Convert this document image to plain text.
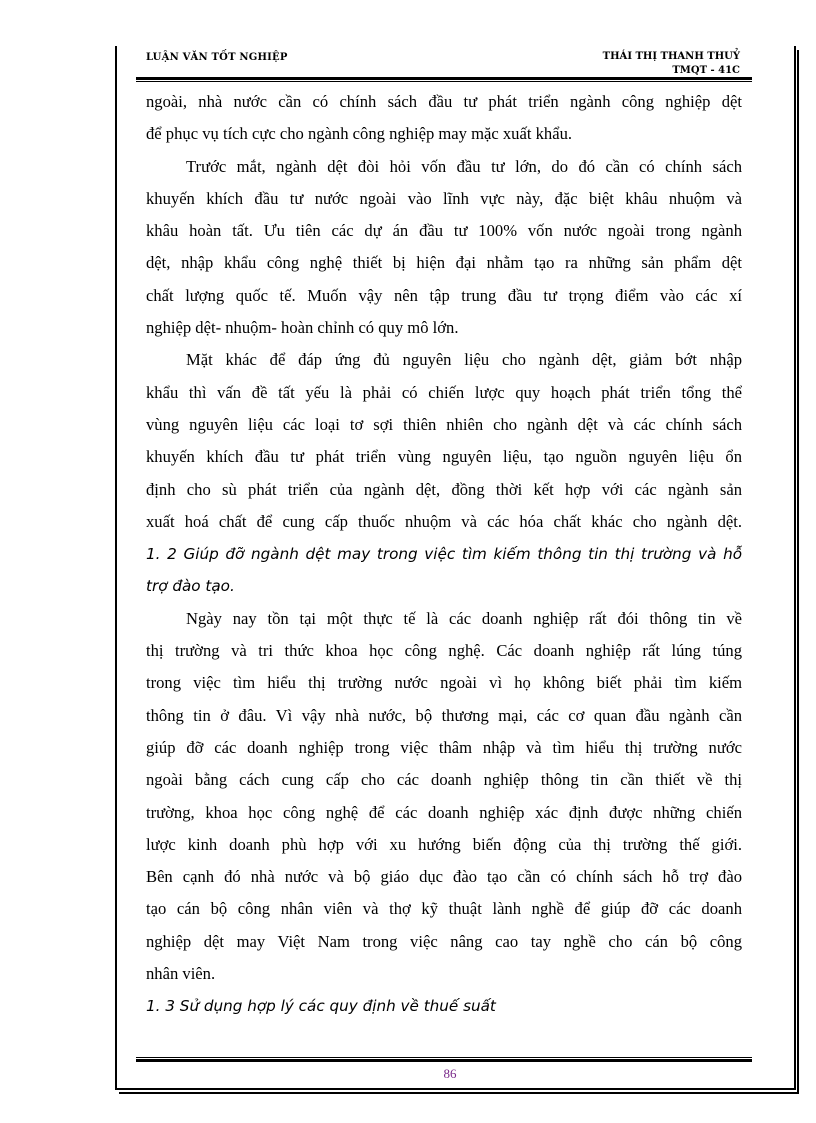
LUẬN VĂN TỐT NGHIỆP	THÁI THỊ THANH THUỶ
TMQT - 41C
ngoài, nhà nước cần có chính sách đầu tư phát triển ngành công nghiệp dệt
để phục vụ tích cực cho ngành công nghiệp may mặc xuất khẩu.
Trước mắt, ngành dệt đòi hỏi vốn đầu tư lớn, do đó cần có chính sách
khuyến khích đầu tư nước ngoài vào lĩnh vực này, đặc biệt khâu nhuộm và
khâu hoàn tất. Ưu tiên các dự án đầu tư 100% vốn nước ngoài trong ngành
dệt, nhập khẩu công nghệ thiết bị hiện đại nhằm tạo ra những sản phẩm dệt
chất lượng quốc tế. Muốn vậy nên tập trung đầu tư trọng điểm vào các xí
nghiệp dệt- nhuộm- hoàn chỉnh có quy mô lớn.
Mặt khác để đáp ứng đủ nguyên liệu cho ngành dệt, giảm bớt nhập
khẩu thì vấn đề tất yếu là phải có chiến lược quy hoạch phát triển tổng thể
vùng nguyên liệu các loại tơ sợi thiên nhiên cho ngành dệt và các chính sách
khuyến khích đầu tư phát triển vùng nguyên liệu, tạo nguồn nguyên liệu ổn
định cho sù phát triển của ngành dệt, đồng thời kết hợp với các ngành sản
xuất hoá chất để cung cấp thuốc nhuộm và các hóa chất khác cho ngành dệt.
1. 2 Giúp đỡ ngành dệt may trong việc tìm kiếm thông tin thị trường và hỗ
trợ đào tạo.
Ngày nay tồn tại một thực tế là các doanh nghiệp rất đói thông tin về
thị trường và tri thức khoa học công nghệ. Các doanh nghiệp rất lúng túng
trong việc tìm hiểu thị trường nước ngoài vì họ không biết phải tìm kiếm
thông tin ở đâu. Vì vậy nhà nước, bộ thương mại, các cơ quan đầu ngành cần
giúp đỡ các doanh nghiệp trong việc thâm nhập và tìm hiểu thị trường nước
ngoài bằng cách cung cấp cho các doanh nghiệp thông tin cần thiết về thị
trường, khoa học công nghệ để các doanh nghiệp xác định được những chiến
lược kinh doanh phù hợp với xu hướng biến động của thị trường thế giới.
Bên cạnh đó nhà nước và bộ giáo dục đào tạo cần có chính sách hỗ trợ đào
tạo cán bộ công nhân viên và thợ kỹ thuật lành nghề để giúp đỡ các doanh
nghiệp dệt may Việt Nam trong việc nâng cao tay nghề cho cán bộ công
nhân viên.
1. 3 Sử dụng hợp lý các quy định về thuế suất
86
